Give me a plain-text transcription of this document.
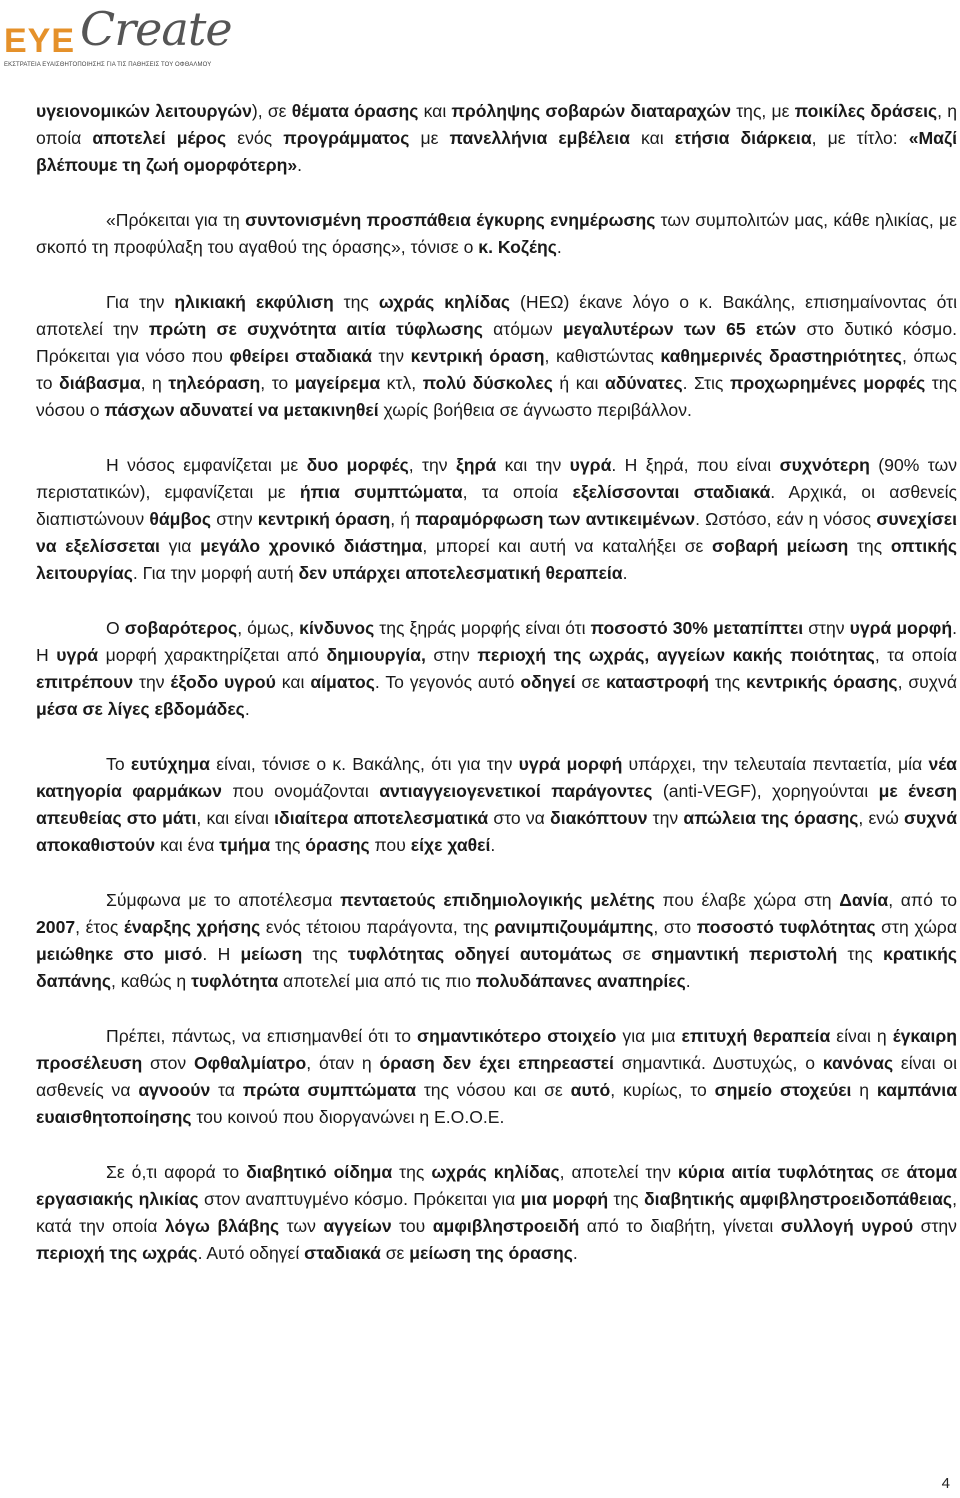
ΕΥΕ Create
ΕΚΣΤΡΑΤΕΙΑ ΕΥΑΙΣΘΗΤΟΠΟΙΗΣΗΣ ΓΙΑ ΤΙΣ ΠΑΘΗΣΕΙΣ ΤΟΥ ΟΦΘΑΛΜΟΥ

υγειονομικών λειτουργών), σε θέματα όρασης και πρόληψης σοβαρών διαταραχών της, με ποικίλες δράσεις, η οποία αποτελεί μέρος ενός προγράμματος με πανελλήνια εμβέλεια και ετήσια διάρκεια, με τίτλο: «Μαζί βλέπουμε τη ζωή ομορφότερη».

«Πρόκειται για τη συντονισμένη προσπάθεια έγκυρης ενημέρωσης των συμπολιτών μας, κάθε ηλικίας, με σκοπό τη προφύλαξη του αγαθού της όρασης», τόνισε ο κ. Κοζέης.

Για την ηλικιακή εκφύλιση της ωχράς κηλίδας (ΗΕΩ) έκανε λόγο ο κ. Βακάλης, επισημαίνοντας ότι αποτελεί την πρώτη σε συχνότητα αιτία τύφλωσης ατόμων μεγαλυτέρων των 65 ετών στο δυτικό κόσμο. Πρόκειται για νόσο που φθείρει σταδιακά την κεντρική όραση, καθιστώντας καθημερινές δραστηριότητες, όπως το διάβασμα, η τηλεόραση, το μαγείρεμα κτλ, πολύ δύσκολες ή και αδύνατες. Στις προχωρημένες μορφές της νόσου ο πάσχων αδυνατεί να μετακινηθεί χωρίς βοήθεια σε άγνωστο περιβάλλον.

Η νόσος εμφανίζεται με δυο μορφές, την ξηρά και την υγρά. Η ξηρά, που είναι συχνότερη (90% των περιστατικών), εμφανίζεται με ήπια συμπτώματα, τα οποία εξελίσσονται σταδιακά. Αρχικά, οι ασθενείς διαπιστώνουν θάμβος στην κεντρική όραση, ή παραμόρφωση των αντικειμένων. Ωστόσο, εάν η νόσος συνεχίσει να εξελίσσεται για μεγάλο χρονικό διάστημα, μπορεί και αυτή να καταλήξει σε σοβαρή μείωση της οπτικής λειτουργίας. Για την μορφή αυτή δεν υπάρχει αποτελεσματική θεραπεία.

Ο σοβαρότερος, όμως, κίνδυνος της ξηράς μορφής είναι ότι ποσοστό 30% μεταπίπτει στην υγρά μορφή. Η υγρά μορφή χαρακτηρίζεται από δημιουργία, στην περιοχή της ωχράς, αγγείων κακής ποιότητας, τα οποία επιτρέπουν την έξοδο υγρού και αίματος. Το γεγονός αυτό οδηγεί σε καταστροφή της κεντρικής όρασης, συχνά μέσα σε λίγες εβδομάδες.

Το ευτύχημα είναι, τόνισε ο κ. Βακάλης, ότι για την υγρά μορφή υπάρχει, την τελευταία πενταετία, μία νέα κατηγορία φαρμάκων που ονομάζονται αντιαγγειογενετικοί παράγοντες (anti-VEGF), χορηγούνται με ένεση απευθείας στο μάτι, και είναι ιδιαίτερα αποτελεσματικά στο να διακόπτουν την απώλεια της όρασης, ενώ συχνά αποκαθιστούν και ένα τμήμα της όρασης που είχε χαθεί.

Σύμφωνα με το αποτέλεσμα πενταετούς επιδημιολογικής μελέτης που έλαβε χώρα στη Δανία, από το 2007, έτος έναρξης χρήσης ενός τέτοιου παράγοντα, της ρανιμπιζουμάμπης, στο ποσοστό τυφλότητας στη χώρα μειώθηκε στο μισό. Η μείωση της τυφλότητας οδηγεί αυτομάτως σε σημαντική περιστολή της κρατικής δαπάνης, καθώς η τυφλότητα αποτελεί μια από τις πιο πολυδάπανες αναπηρίες.

Πρέπει, πάντως, να επισημανθεί ότι το σημαντικότερο στοιχείο για μια επιτυχή θεραπεία είναι η έγκαιρη προσέλευση στον Οφθαλμίατρο, όταν η όραση δεν έχει επηρεαστεί σημαντικά. Δυστυχώς, ο κανόνας είναι οι ασθενείς να αγνοούν τα πρώτα συμπτώματα της νόσου και σε αυτό, κυρίως, το σημείο στοχεύει η καμπάνια ευαισθητοποίησης του κοινού που διοργανώνει η Ε.Ο.Ο.Ε.

Σε ό,τι αφορά το διαβητικό οίδημα της ωχράς κηλίδας, αποτελεί την κύρια αιτία τυφλότητας σε άτομα εργασιακής ηλικίας στον αναπτυγμένο κόσμο. Πρόκειται για μια μορφή της διαβητικής αμφιβληστροειδοπάθειας, κατά την οποία λόγω βλάβης των αγγείων του αμφιβληστροειδή από το διαβήτη, γίνεται συλλογή υγρού στην περιοχή της ωχράς. Αυτό οδηγεί σταδιακά σε μείωση της όρασης.

4
